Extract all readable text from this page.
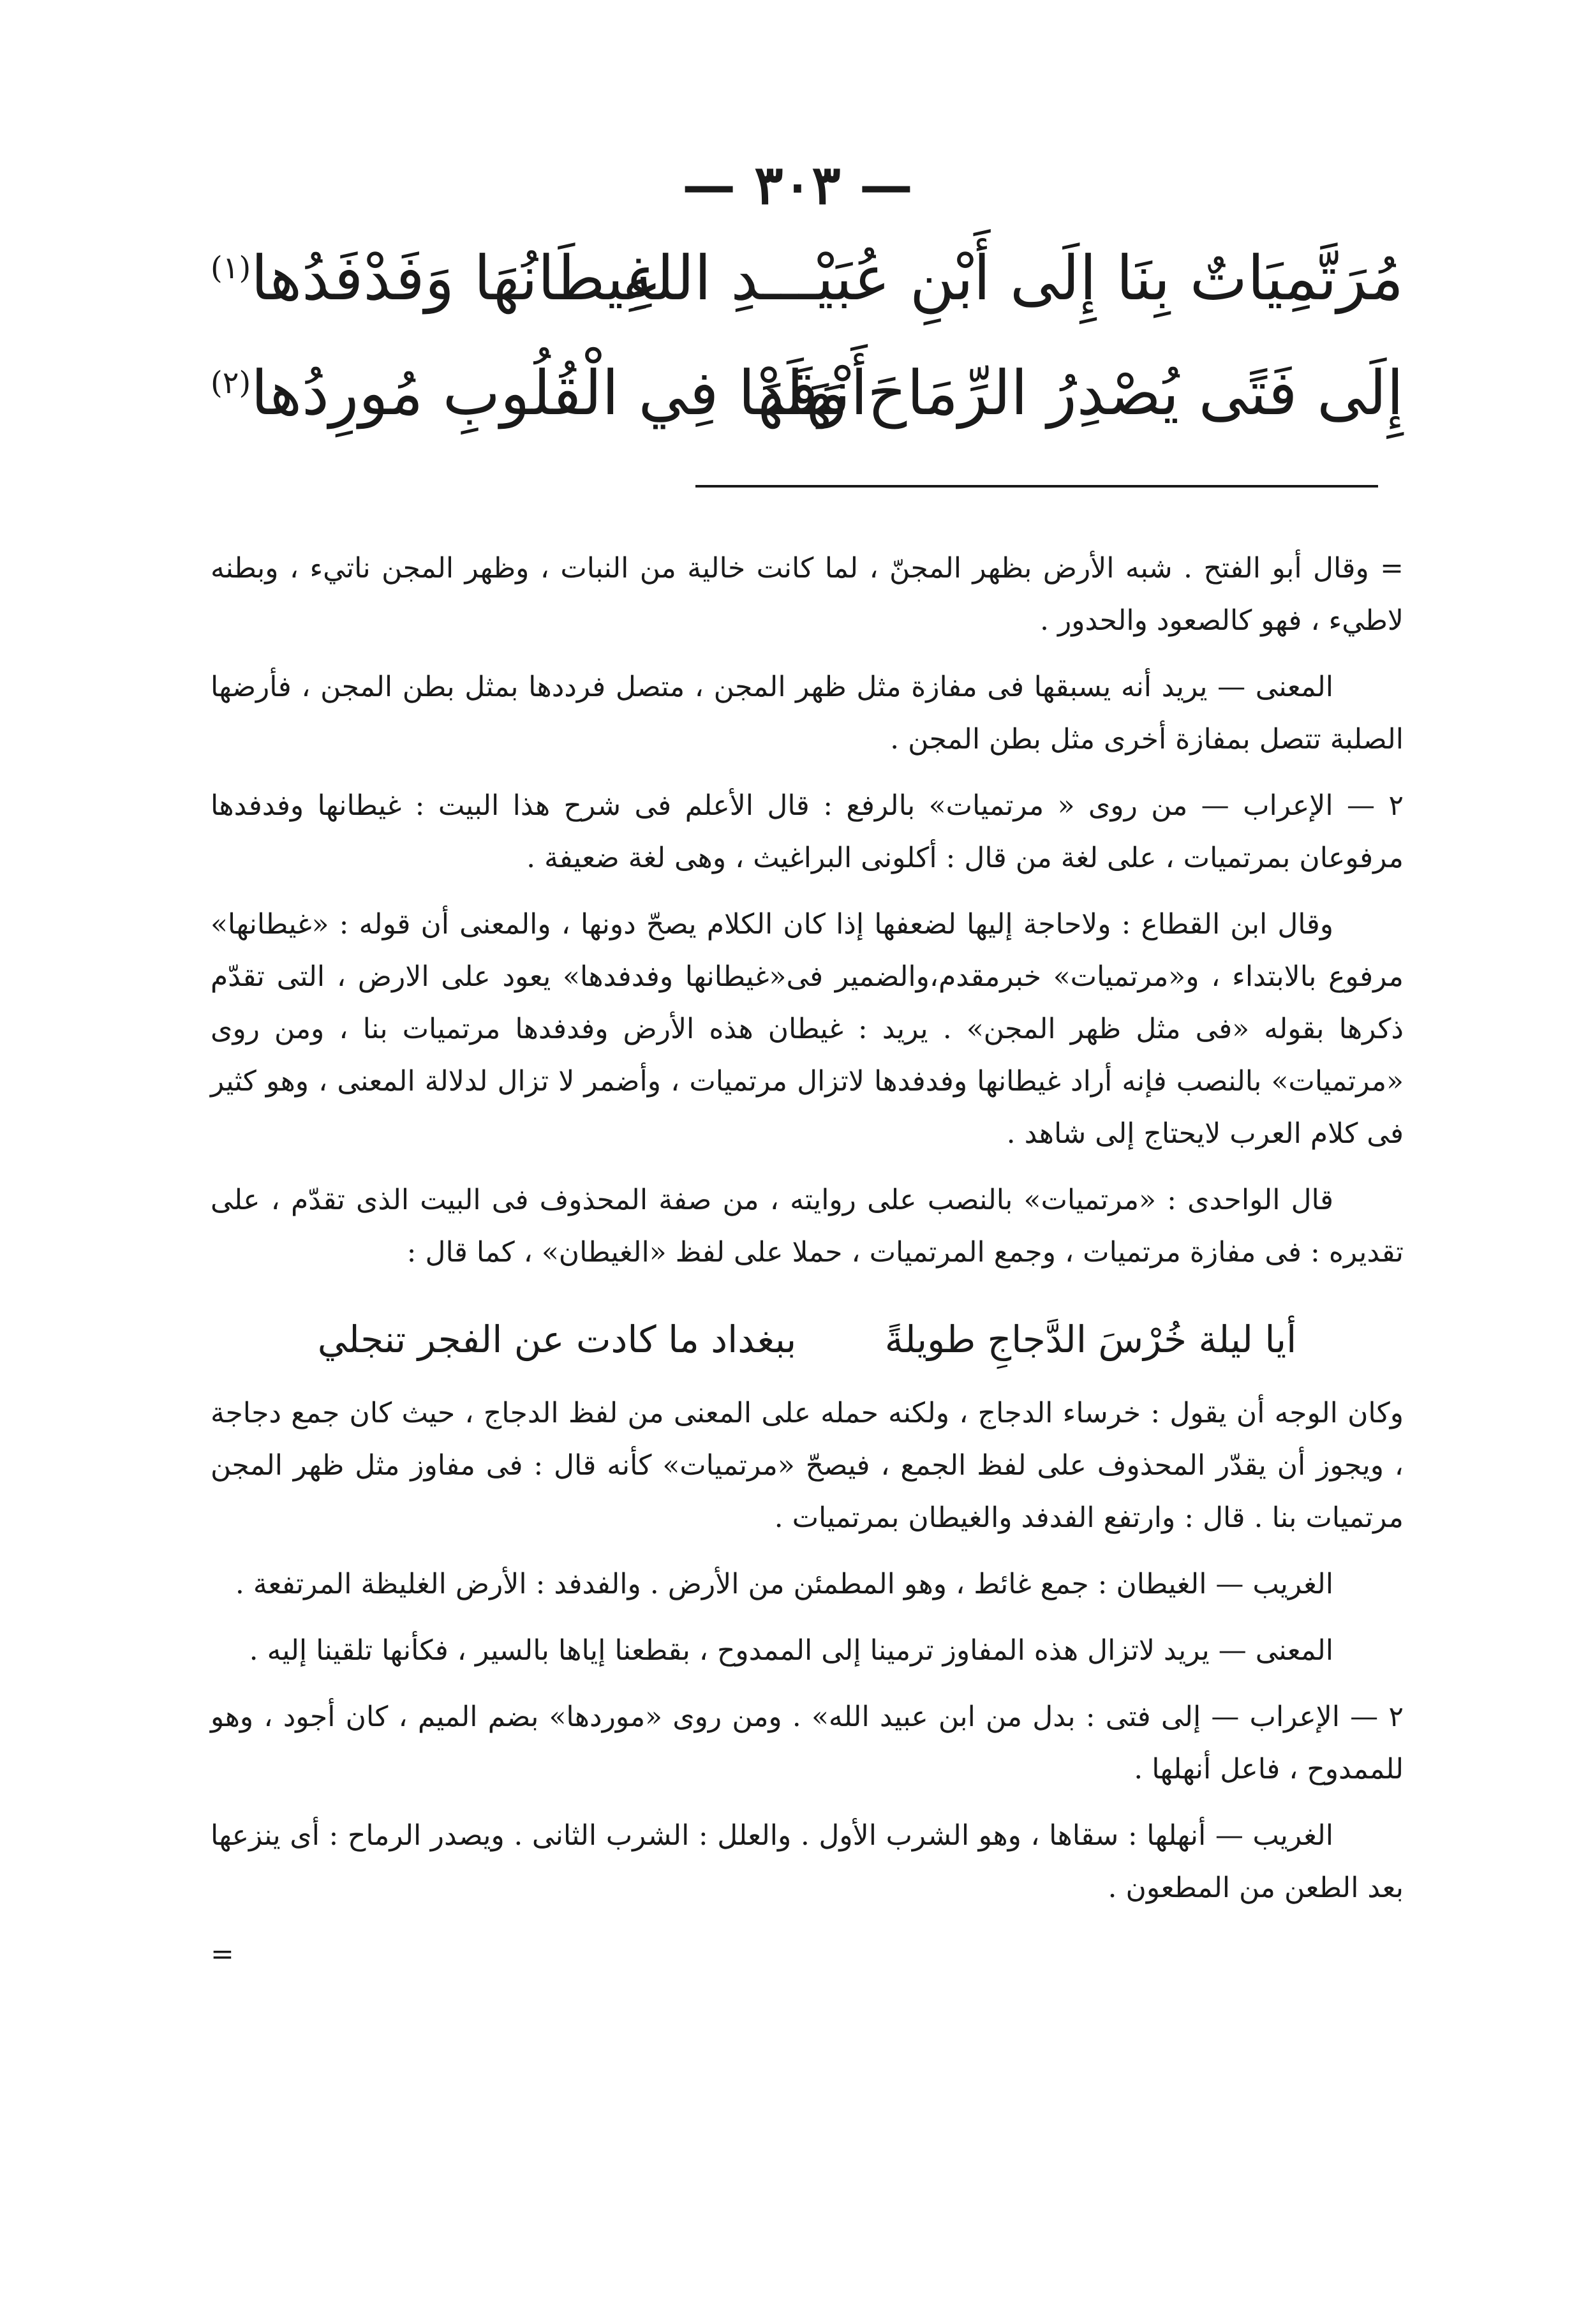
— ٣٠٣ —
مُرَتَّمِيَاتٌ بِنَا إِلَى أَبْنِ عُبَيْـــدِ اللهِ
غِيطَانُهَا وَفَدْفَدُها$^{(١)}$
إِلَى فَتًى يُصْدِرُ الرِّمَاحَ وَقَدْ
أَنْهَلَهَا فِي الْقُلُوبِ مُورِدُها$^{(٢)}$

= وقال أبو الفتح . شبه الأرض بظهر المجنّ ، لما كانت خالية من النبات ، وظهر المجن ناتيء ، وبطنه لاطيء ، فهو كالصعود والحدور .

المعنى — يريد أنه يسبقها فى مفازة مثل ظهر المجن ، متصل فرددها بمثل بطن المجن ، فأرضها الصلبة تتصل بمفازة أخرى مثل بطن المجن .

٢ — الإعراب — من روى « مرتميات» بالرفع : قال الأعلم فى شرح هذا البيت : غيطانها وفدفدها مرفوعان بمرتميات ، على لغة من قال : أكلونى البراغيث ، وهى لغة ضعيفة .

وقال ابن القطاع : ولاحاجة إليها لضعفها إذا كان الكلام يصحّ دونها ، والمعنى أن قوله : «غيطانها» مرفوع بالابتداء ، و«مرتميات» خبرمقدم،والضمير فى«غيطانها وفدفدها» يعود على الارض ، التى تقدّم ذكرها بقوله «فى مثل ظهر المجن» . يريد : غيطان هذه الأرض وفدفدها مرتميات بنا ، ومن روى «مرتميات» بالنصب فإنه أراد غيطانها وفدفدها لاتزال مرتميات ، وأضمر لا تزال لدلالة المعنى ، وهو كثير فى كلام العرب لايحتاج إلى شاهد .

قال الواحدى : «مرتميات» بالنصب على روايته ، من صفة المحذوف فى البيت الذى تقدّم ، على تقديره : فى مفازة مرتميات ، وجمع المرتميات ، حملا على لفظ «الغيطان» ، كما قال :

أيا ليلة خُرْسَ الدَّجاجِ طويلةً ببغداد ما كادت عن الفجر تنجلي

وكان الوجه أن يقول : خرساء الدجاج ، ولكنه حمله على المعنى من لفظ الدجاج ، حيث كان جمع دجاجة ، ويجوز أن يقدّر المحذوف على لفظ الجمع ، فيصحّ «مرتميات» كأنه قال : فى مفاوز مثل ظهر المجن مرتميات بنا . قال : وارتفع الفدفد والغيطان بمرتميات .

الغريب — الغيطان : جمع غائط ، وهو المطمئن من الأرض . والفدفد : الأرض الغليظة المرتفعة .

المعنى — يريد لاتزال هذه المفاوز ترمينا إلى الممدوح ، بقطعنا إياها بالسير ، فكأنها تلقينا إليه .

٢ — الإعراب — إلى فتى : بدل من ابن عبيد الله» . ومن روى «موردها» بضم الميم ، كان أجود ، وهو للممدوح ، فاعل أنهلها .

الغريب — أنهلها : سقاها ، وهو الشرب الأول . والعلل : الشرب الثانى . ويصدر الرماح : أى ينزعها بعد الطعن من المطعون .

=
